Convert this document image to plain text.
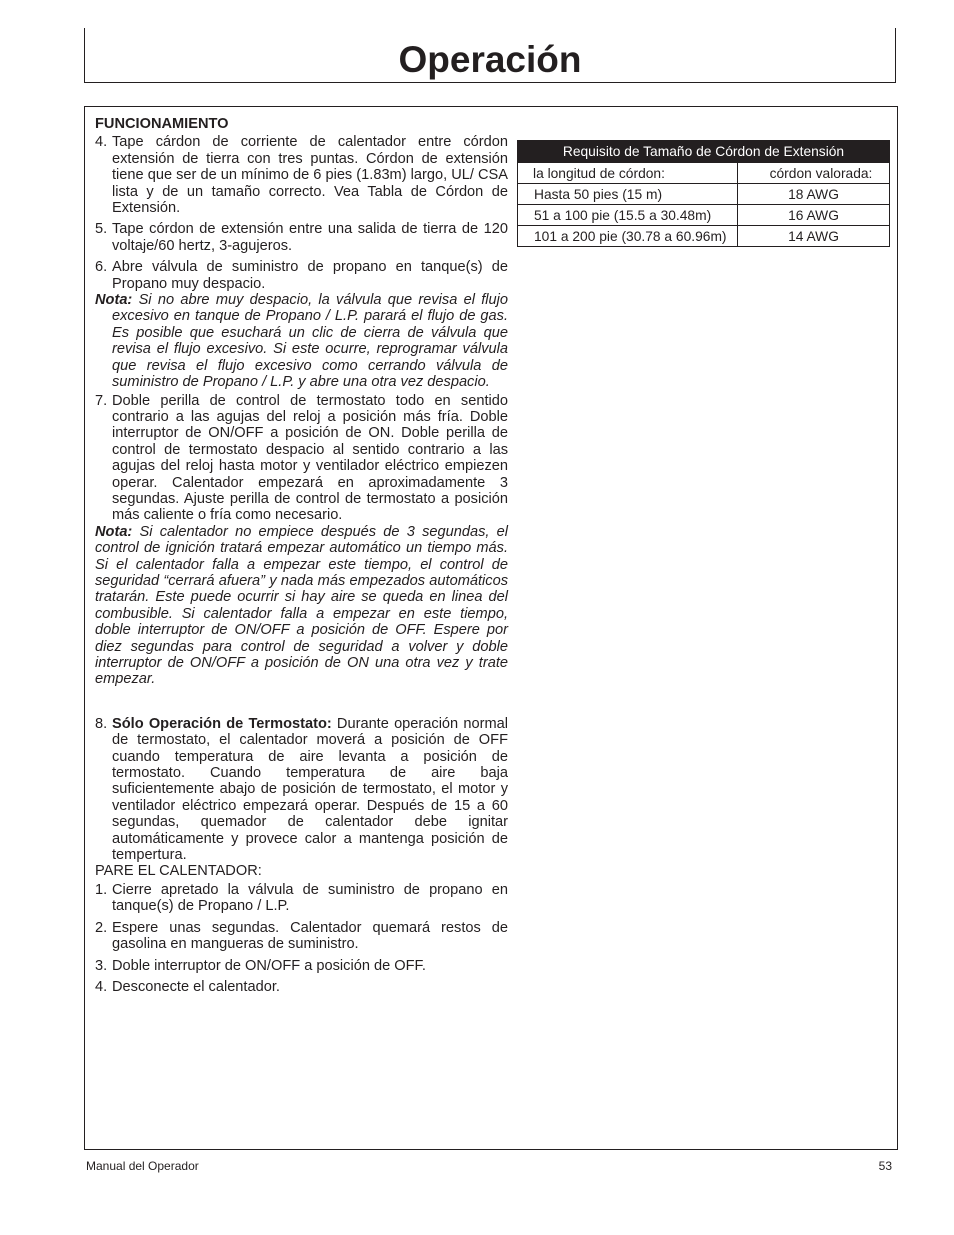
Operación

FUNCIONAMIENTO

4. Tape cárdon de corriente de calentador entre córdon extensión de tierra con tres puntas. Córdon de extensión tiene que ser de un mínimo de 6 pies (1.83m) largo, UL/ CSA lista y de un tamaño correcto. Vea Tabla de Córdon de Extensión.
5. Tape córdon de extensión entre una salida de tierra de 120 voltaje/60 hertz, 3-agujeros.
6. Abre válvula de suministro de propano en tanque(s) de Propano muy despacio.

Nota: Si no abre muy despacio, la válvula que revisa el flujo excesivo en tanque de Propano / L.P. parará el flujo de gas. Es posible que esuchará un clic de cierra de válvula que revisa el flujo excesivo. Si este ocurre, reprogramar válvula que revisa el flujo excesivo como cerrando válvula de suministro de Propano / L.P. y abre una otra vez despacio.

7. Doble perilla de control de termostato todo en sentido contrario a las agujas del reloj a posición más fría. Doble interruptor de ON/OFF a posición de ON. Doble perilla de control de termostato despacio al sentido contrario a las agujas del reloj hasta motor y ventilador eléctrico empiezen operar. Calentador empezará en aproximadamente 3 segundas. Ajuste perilla de control de termostato a posición más caliente o fría como necesario.

Nota: Si calentador no empiece después de 3 segundas, el control de ignición tratará empezar automático un tiempo más. Si el calentador falla a empezar este tiempo, el control de seguridad “cerrará afuera” y nada más empezados automáticos tratarán. Este puede ocurrir si hay aire se queda en linea del combusible. Si calentador falla a empezar en este tiempo, doble interruptor de ON/OFF a posición de OFF. Espere por diez segundas para control de seguridad a volver y doble interruptor de ON/OFF a posición de ON una otra vez y trate empezar.

8. Sólo Operación de Termostato: Durante operación normal de termostato, el calentador moverá a posición de OFF cuando temperatura de aire levanta a posición de termostato. Cuando temperatura de aire baja suficientemente abajo de posición de termostato, el motor y ventilador eléctrico empezará operar. Después de 15 a 60 segundas, quemador de calentador debe ignitar automáticamente y provece calor a mantenga posición de tempertura.

PARE EL CALENTADOR:

1. Cierre apretado la válvula de suministro de propano en tanque(s) de Propano / L.P.
2. Espere unas segundas. Calentador quemará restos de gasolina en mangueras de suministro.
3. Doble interruptor de ON/OFF a posición de OFF.
4. Desconecte el calentador.
Requisito de Tamaño de Córdon de Extensión	
la longitud de córdon:	córdon valorada:
Hasta 50 pies (15 m)	18 AWG
51 a 100 pie (15.5 a 30.48m)	16 AWG
101 a 200 pie (30.78 a 60.96m)	14 AWG
Manual del Operador	53
